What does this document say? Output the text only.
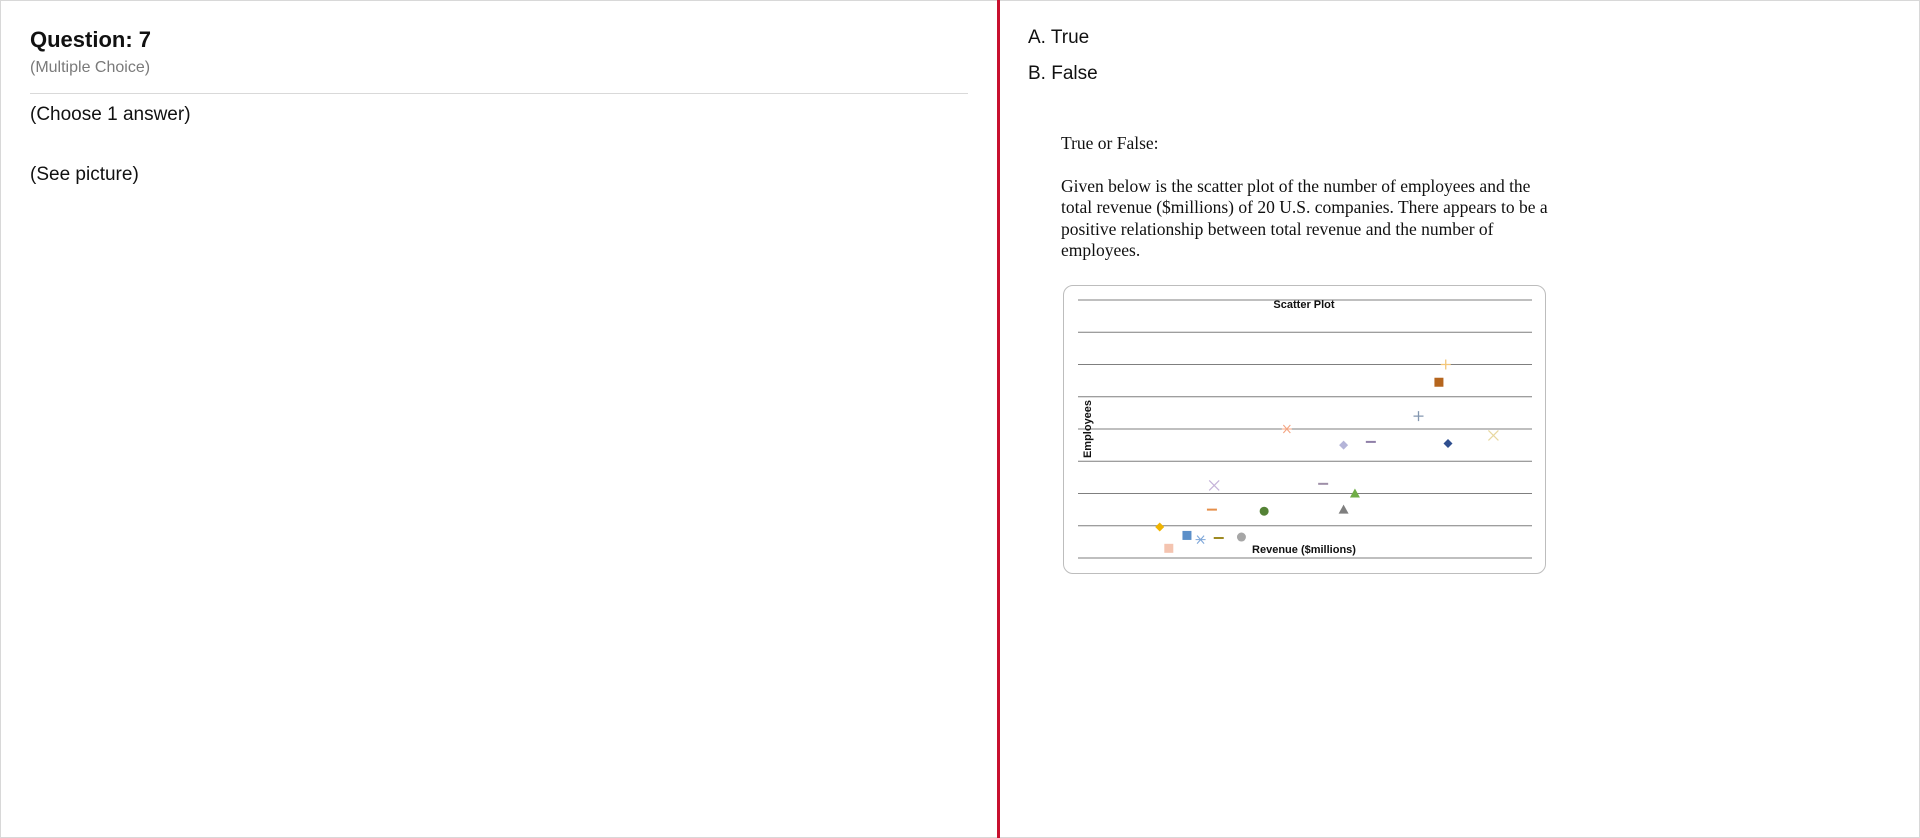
Question: 7
(Multiple Choice)
(Choose 1 answer)
(See picture)
A. True
B. False

True or False:

Given below is the scatter plot of the number of employees and the total revenue ($millions) of 20 U.S. companies. There appears to be a positive relationship between total revenue and the number of employees.

Scatter Plot
Employees
Revenue ($millions)
